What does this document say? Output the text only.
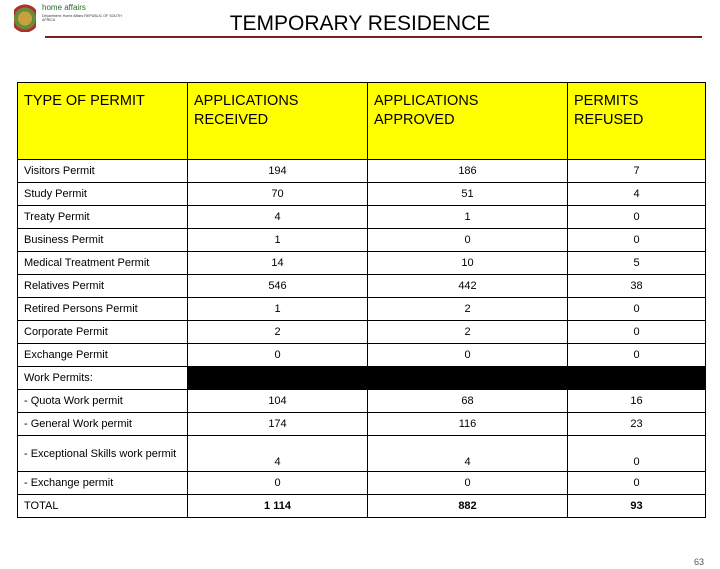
home affairs
Department: Home Affairs REPUBLIC OF SOUTH AFRICA	TEMPORARY RESIDENCE
TYPE OF PERMIT	APPLICATIONS RECEIVED	APPLICATIONS APPROVED	PERMITS REFUSED
Visitors Permit	194	186	7
Study Permit	70	51	4
Treaty Permit	4	1	0
Business Permit	1	0	0
Medical Treatment Permit	14	10	5
Relatives Permit	546	442	38
Retired Persons Permit	1	2	0
Corporate Permit	2	2	0
Exchange Permit	0	0	0
Work Permits:			
- Quota Work permit	104	68	16
- General Work permit	174	116	23
- Exceptional Skills work permit	4	4	0
- Exchange permit	0	0	0
TOTAL	1 114	882	93
63
